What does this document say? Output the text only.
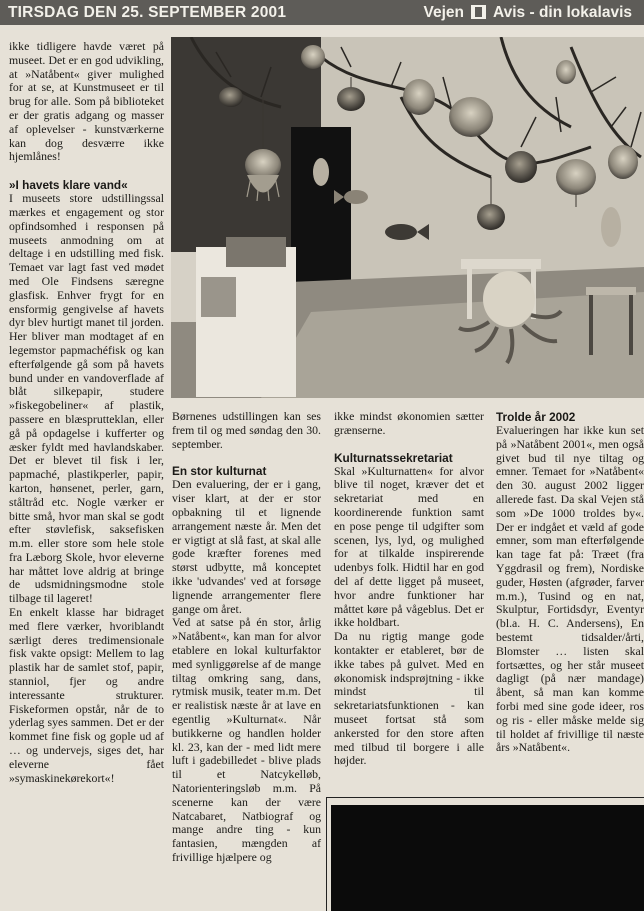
TIRSDAG DEN 25. SEPTEMBER 2001	Vejen Avis - din lokalavis

ikke tidligere havde været på museet. Det er en god udvikling, at »Natåbent« giver mulighed for at se, at Kunstmuseet er til brug for alle. Som på biblioteket er der gratis adgang og masser af oplevelser - kunstværkerne kan dog desværre ikke hjemlånes!

»I havets klare vand«

I museets store udstillingssal mærkes et engagement og stor opfindsomhed i responsen på museets anmodning om at deltage i en udstilling med fisk. Temaet var lagt fast ved mødet med Ole Findsens særegne glasfisk. Enhver frygt for en ensformig gengivelse af havets dyr blev hurtigt manet til jorden. Her bliver man modtaget af en legemstor papmachéfisk og kan efterfølgende gå som på havets bund under en vandoverflade af blåt silkepapir, studere »fiskegobeliner« af plastik, passere en blæsprutteklan, eller gå på opdagelse i kufferter og æsker fyldt med havlandskaber. Det er blevet til fisk i ler, papmaché, plastikperler, papir, karton, hønsenet, perler, garn, ståltråd etc. Nogle værker er bitte små, hvor man skal se godt efter støvlefisk, saksefisken m.m. eller store som hele stole fra Læborg Skole, hvor eleverne har måttet love aldrig at bringe de udsmidningsmodne stole tilbage til lageret!

En enkelt klasse har bidraget med flere værker, hvoriblandt særligt deres tredimensionale fisk vakte opsigt: Mellem to lag plastik har de samlet stof, papir, stanniol, fjer og andre interessante strukturer. Fiskeformen opstår, når de to yderlag syes sammen. Det er der kommet fine fisk og gople ud af … og undervejs, siges det, har eleverne fået »symaskinekørekort«!

Børnenes udstillingen kan ses frem til og med søndag den 30. september.

En stor kulturnat

Den evaluering, der er i gang, viser klart, at der er stor opbakning til et lignende arrangement næste år. Men det er vigtigt at slå fast, at skal alle gode kræfter forenes med størst udbytte, må konceptet ikke 'udvandes' ved at forsøge lignende arrangementer flere gange om året.

Ved at satse på én stor, årlig »Natåbent«, kan man for alvor etablere en lokal kulturfaktor med synliggørelse af de mange tiltag omkring sang, dans, rytmisk musik, teater m.m. Det er realistisk næste år at lave en egentlig »Kulturnat«. Når butikkerne og handlen holder kl. 23, kan der - med lidt mere luft i gadebilledet - blive plads til et Natcykelløb, Natorienteringsløb m.m. På scenerne kan der være Natcabaret, Natbiograf og mange andre ting - kun fantasien, mængden af frivillige hjælpere og

ikke mindst økonomien sætter grænserne.

Kulturnatssekretariat

Skal »Kulturnatten« for alvor blive til noget, kræver det et sekretariat med en koordinerende funktion samt en pose penge til udgifter som scenen, lys, lyd, og mulighed for at tilkalde inspirerende udenbys folk. Hidtil har en god del af dette ligget på museet, hvor andre funktioner har måttet køre på vågeblus. Det er ikke holdbart.

Da nu rigtig mange gode kontakter er etableret, bør de ikke tabes på gulvet. Med en økonomisk indsprøjtning - ikke mindst til sekretariatsfunktionen - kan museet fortsat stå som ankersted for den store aften med tilbud til borgere i alle højder.

Trolde år 2002

Evalueringen har ikke kun set på »Natåbent 2001«, men også givet bud til nye tiltag og emner. Temaet for »Natåbent« den 30. august 2002 ligger allerede fast. Da skal Vejen stå som »De 1000 troldes by«. Der er indgået et væld af gode emner, som man efterfølgende kan tage fat på: Træet (fra Yggdrasil og frem), Nordiske guder, Høsten (afgrøder, farver m.m.), Tusind og en nat, Skulptur, Fortidsdyr, Eventyr (bl.a. H. C. Andersens), En bestemt tidsalder/årti, Blomster … listen skal fortsættes, og her står museet dagligt (på nær mandage) åbent, så man kan komme forbi med sine gode ideer, ros og ris - eller måske melde sig til holdet af frivillige til næste års »Natåbent«.
